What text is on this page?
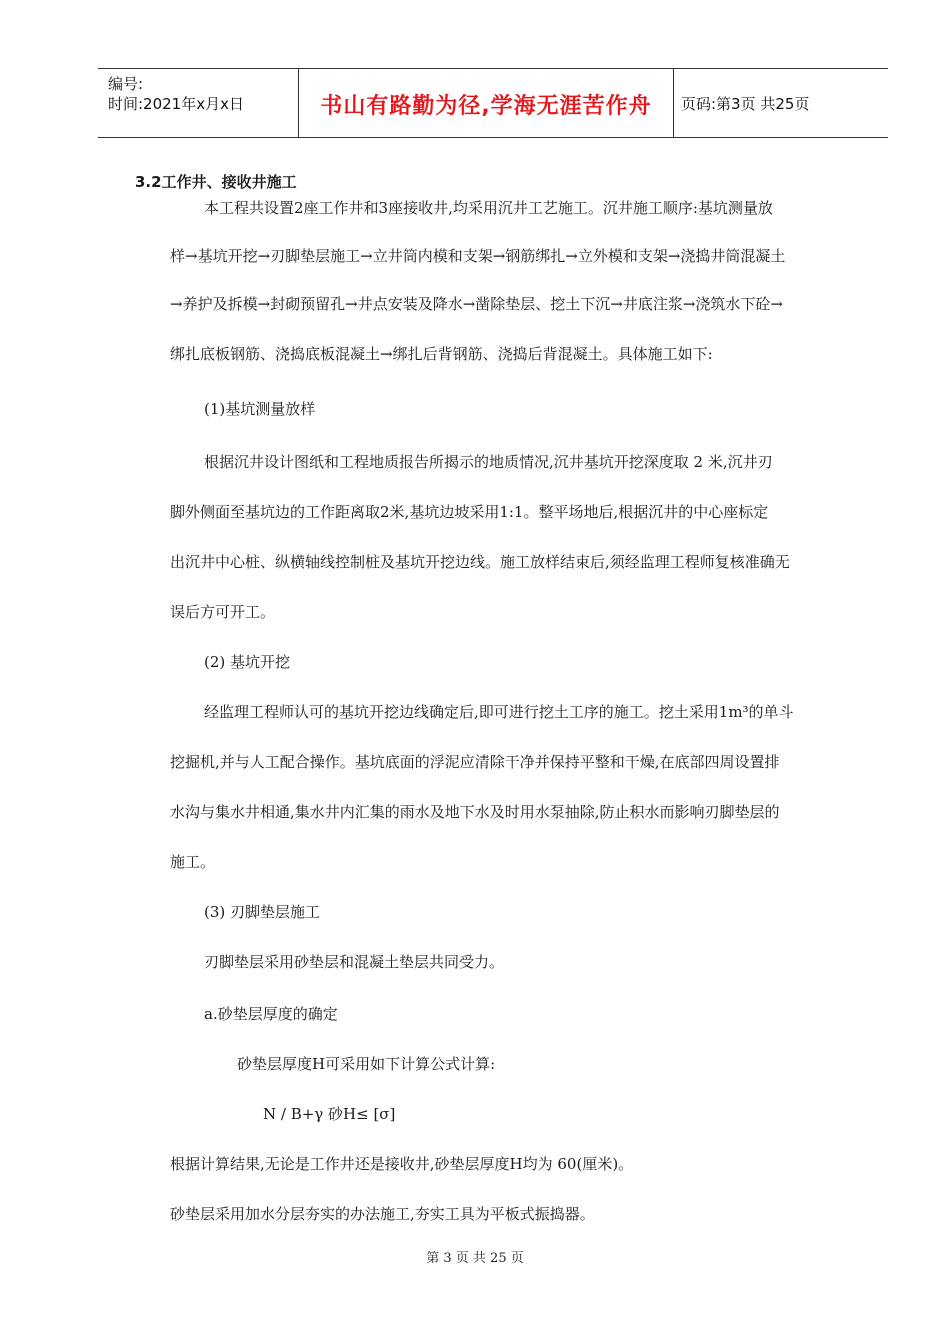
编号:
时间:2021年x月x日	书山有路勤为径,学海无涯苦作舟	页码:第3页 共25页
3.2工作井、接收井施工
本工程共设置2座工作井和3座接收井,均采用沉井工艺施工。沉井施工顺序:基坑测量放
样→基坑开挖→刃脚垫层施工→立井筒内模和支架→钢筋绑扎→立外模和支架→浇捣井筒混凝土
→养护及拆模→封砌预留孔→井点安装及降水→凿除垫层、挖土下沉→井底注浆→浇筑水下砼→
绑扎底板钢筋、浇捣底板混凝土→绑扎后背钢筋、浇捣后背混凝土。具体施工如下:
(1)基坑测量放样
根据沉井设计图纸和工程地质报告所揭示的地质情况,沉井基坑开挖深度取 2 米,沉井刃
脚外侧面至基坑边的工作距离取2米,基坑边坡采用1:1。整平场地后,根据沉井的中心座标定
出沉井中心桩、纵横轴线控制桩及基坑开挖边线。施工放样结束后,须经监理工程师复核准确无
误后方可开工。
(2) 基坑开挖
经监理工程师认可的基坑开挖边线确定后,即可进行挖土工序的施工。挖土采用1m³的单斗
挖掘机,并与人工配合操作。基坑底面的浮泥应清除干净并保持平整和干燥,在底部四周设置排
水沟与集水井相通,集水井内汇集的雨水及地下水及时用水泵抽除,防止积水而影响刃脚垫层的
施工。
(3) 刃脚垫层施工
刃脚垫层采用砂垫层和混凝土垫层共同受力。
a.砂垫层厚度的确定
砂垫层厚度H可采用如下计算公式计算:
N / B+γ 砂H≤ [σ]
根据计算结果,无论是工作井还是接收井,砂垫层厚度H均为 60(厘米)。
砂垫层采用加水分层夯实的办法施工,夯实工具为平板式振捣器。
第 3 页 共 25 页
